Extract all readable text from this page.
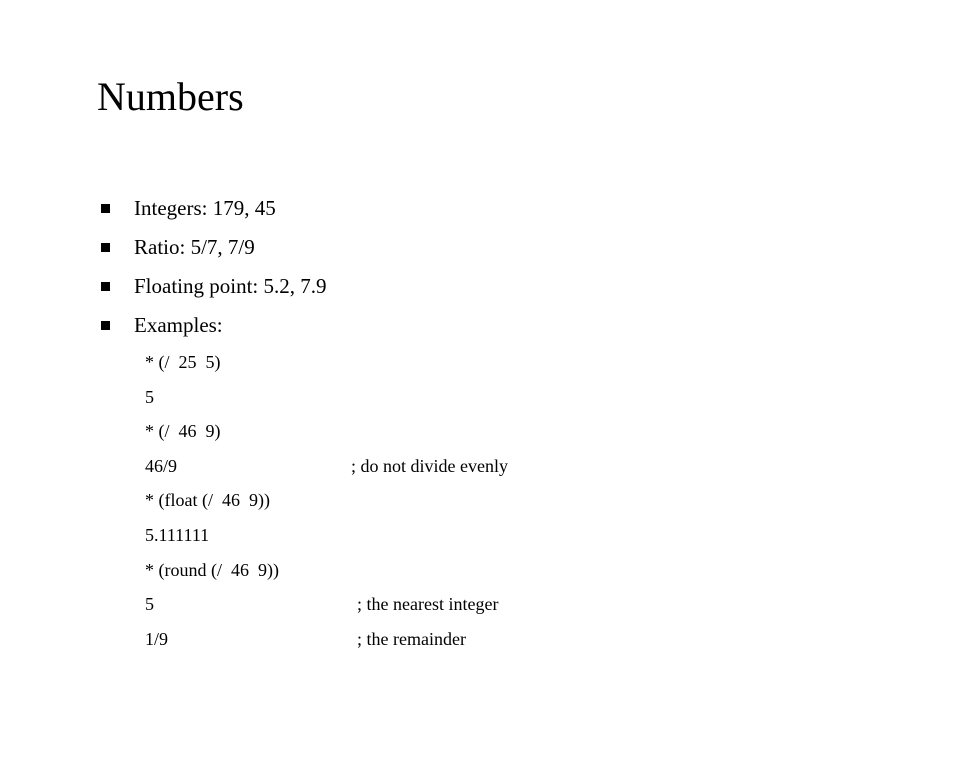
Numbers
Integers: 179, 45
Ratio: 5/7, 7/9
Floating point: 5.2, 7.9
Examples:

* (/  25  5)

5

* (/  46  9)

46/9

	; do not divide evenly

* (float (/  46  9))

5.111111

* (round (/  46  9))

5

	; the nearest integer

1/9

	; the remainder
